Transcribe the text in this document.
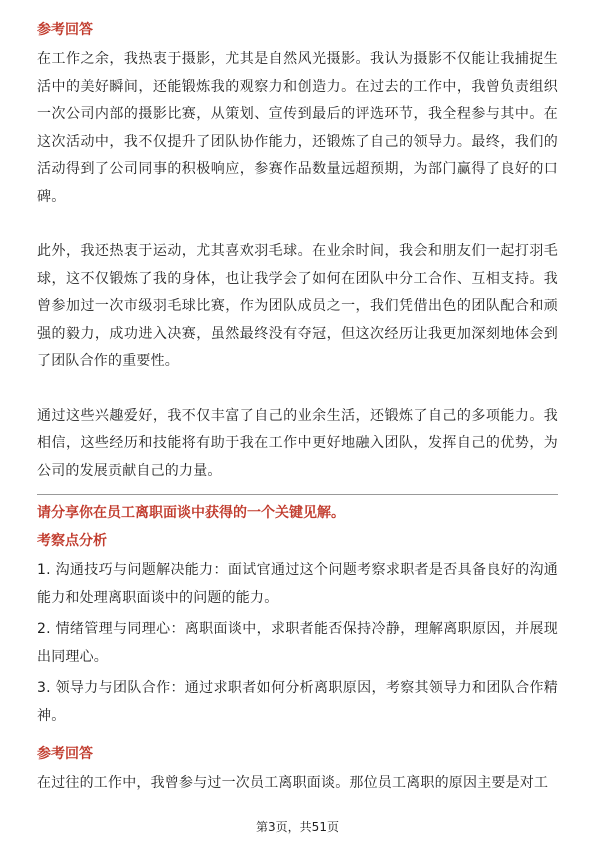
参考回答

在工作之余，我热衷于摄影，尤其是自然风光摄影。我认为摄影不仅能让我捕捉生活中的美好瞬间，还能锻炼我的观察力和创造力。在过去的工作中，我曾负责组织一次公司内部的摄影比赛，从策划、宣传到最后的评选环节，我全程参与其中。在这次活动中，我不仅提升了团队协作能力，还锻炼了自己的领导力。最终，我们的活动得到了公司同事的积极响应，参赛作品数量远超预期，为部门赢得了良好的口碑。

此外，我还热衷于运动，尤其喜欢羽毛球。在业余时间，我会和朋友们一起打羽毛球，这不仅锻炼了我的身体，也让我学会了如何在团队中分工合作、互相支持。我曾参加过一次市级羽毛球比赛，作为团队成员之一，我们凭借出色的团队配合和顽强的毅力，成功进入决赛，虽然最终没有夺冠，但这次经历让我更加深刻地体会到了团队合作的重要性。

通过这些兴趣爱好，我不仅丰富了自己的业余生活，还锻炼了自己的多项能力。我相信，这些经历和技能将有助于我在工作中更好地融入团队，发挥自己的优势，为公司的发展贡献自己的力量。

请分享你在员工离职面谈中获得的一个关键见解。
考察点分析

1. 沟通技巧与问题解决能力：面试官通过这个问题考察求职者是否具备良好的沟通能力和处理离职面谈中的问题的能力。

2. 情绪管理与同理心：离职面谈中，求职者能否保持冷静，理解离职原因，并展现出同理心。

3. 领导力与团队合作：通过求职者如何分析离职原因，考察其领导力和团队合作精神。

参考回答

在过往的工作中，我曾参与过一次员工离职面谈。那位员工离职的原因主要是对工

第3页，共51页
